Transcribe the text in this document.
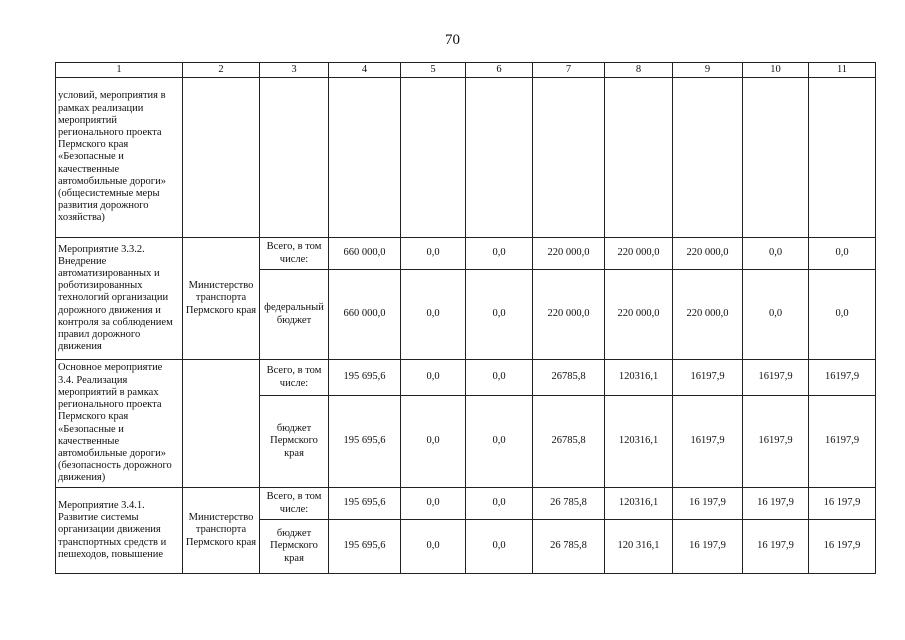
70
1	2	3	4	5	6	7	8	9	10	11
условий, мероприятия в рамках реализации мероприятий регионального проекта Пермского края «Безопасные и качественные автомобильные дороги» (общесистемные меры развития дорожного хозяйства)										
Мероприятие 3.3.2. Внедрение автоматизированных и роботизированных технологий организации дорожного движения и контроля за соблюдением правил дорожного движения	Министерство транспорта Пермского края	Всего, в том числе:	660 000,0	0,0	0,0	220 000,0	220 000,0	220 000,0	0,0	0,0
		федеральный бюджет	660 000,0	0,0	0,0	220 000,0	220 000,0	220 000,0	0,0	0,0
Основное мероприятие 3.4. Реализация мероприятий в рамках регионального проекта Пермского края «Безопасные и качественные автомобильные дороги» (безопасность дорожного движения)		Всего, в том числе:	195 695,6	0,0	0,0	26785,8	120316,1	16197,9	16197,9	16197,9
		бюджет Пермского края	195 695,6	0,0	0,0	26785,8	120316,1	16197,9	16197,9	16197,9
Мероприятие 3.4.1. Развитие системы организации движения транспортных средств и пешеходов, повышение	Министерство транспорта Пермского края	Всего, в том числе:	195 695,6	0,0	0,0	26 785,8	120316,1	16 197,9	16 197,9	16 197,9
		бюджет Пермского края	195 695,6	0,0	0,0	26 785,8	120 316,1	16 197,9	16 197,9	16 197,9
